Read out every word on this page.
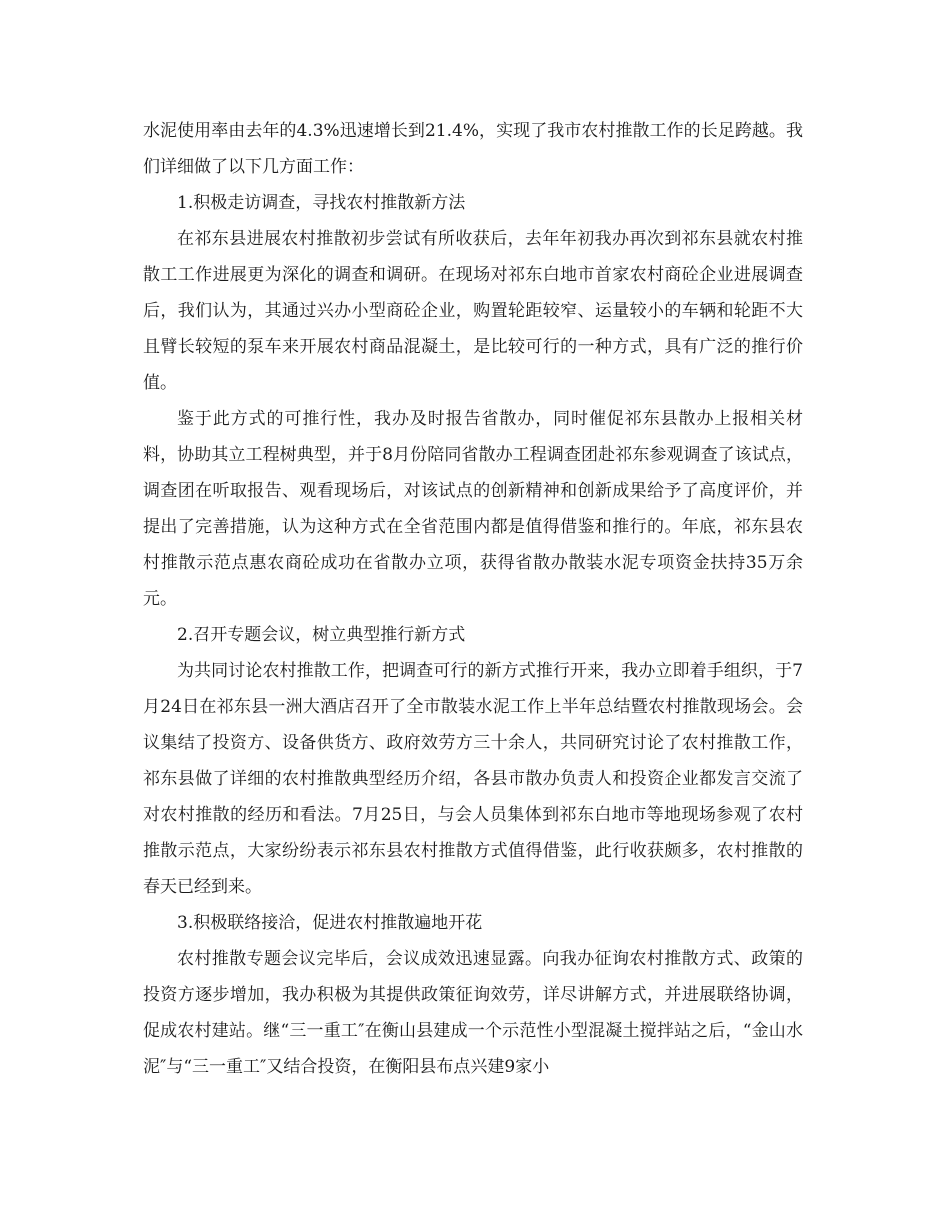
水泥使用率由去年的4.3%迅速增长到21.4%，实现了我市农村推散工作的长足跨越。我们详细做了以下几方面工作：

1.积极走访调查，寻找农村推散新方法

在祁东县进展农村推散初步尝试有所收获后，去年年初我办再次到祁东县就农村推散工工作进展更为深化的调查和调研。在现场对祁东白地市首家农村商砼企业进展调查后，我们认为，其通过兴办小型商砼企业，购置轮距较窄、运量较小的车辆和轮距不大且臂长较短的泵车来开展农村商品混凝土，是比较可行的一种方式，具有广泛的推行价值。

鉴于此方式的可推行性，我办及时报告省散办，同时催促祁东县散办上报相关材料，协助其立工程树典型，并于8月份陪同省散办工程调查团赴祁东参观调查了该试点，调查团在听取报告、观看现场后，对该试点的创新精神和创新成果给予了高度评价，并提出了完善措施，认为这种方式在全省范围内都是值得借鉴和推行的。年底，祁东县农村推散示范点惠农商砼成功在省散办立项，获得省散办散装水泥专项资金扶持35万余元。

2.召开专题会议，树立典型推行新方式

为共同讨论农村推散工作，把调查可行的新方式推行开来，我办立即着手组织，于7月24日在祁东县一洲大酒店召开了全市散装水泥工作上半年总结暨农村推散现场会。会议集结了投资方、设备供货方、政府效劳方三十余人，共同研究讨论了农村推散工作，祁东县做了详细的农村推散典型经历介绍，各县市散办负责人和投资企业都发言交流了对农村推散的经历和看法。7月25日，与会人员集体到祁东白地市等地现场参观了农村推散示范点，大家纷纷表示祁东县农村推散方式值得借鉴，此行收获颇多，农村推散的春天已经到来。

3.积极联络接洽，促进农村推散遍地开花

农村推散专题会议完毕后，会议成效迅速显露。向我办征询农村推散方式、政策的投资方逐步增加，我办积极为其提供政策征询效劳，详尽讲解方式，并进展联络协调，促成农村建站。继“三一重工″在衡山县建成一个示范性小型混凝土搅拌站之后，“金山水泥″与“三一重工″又结合投资，在衡阳县布点兴建9家小
